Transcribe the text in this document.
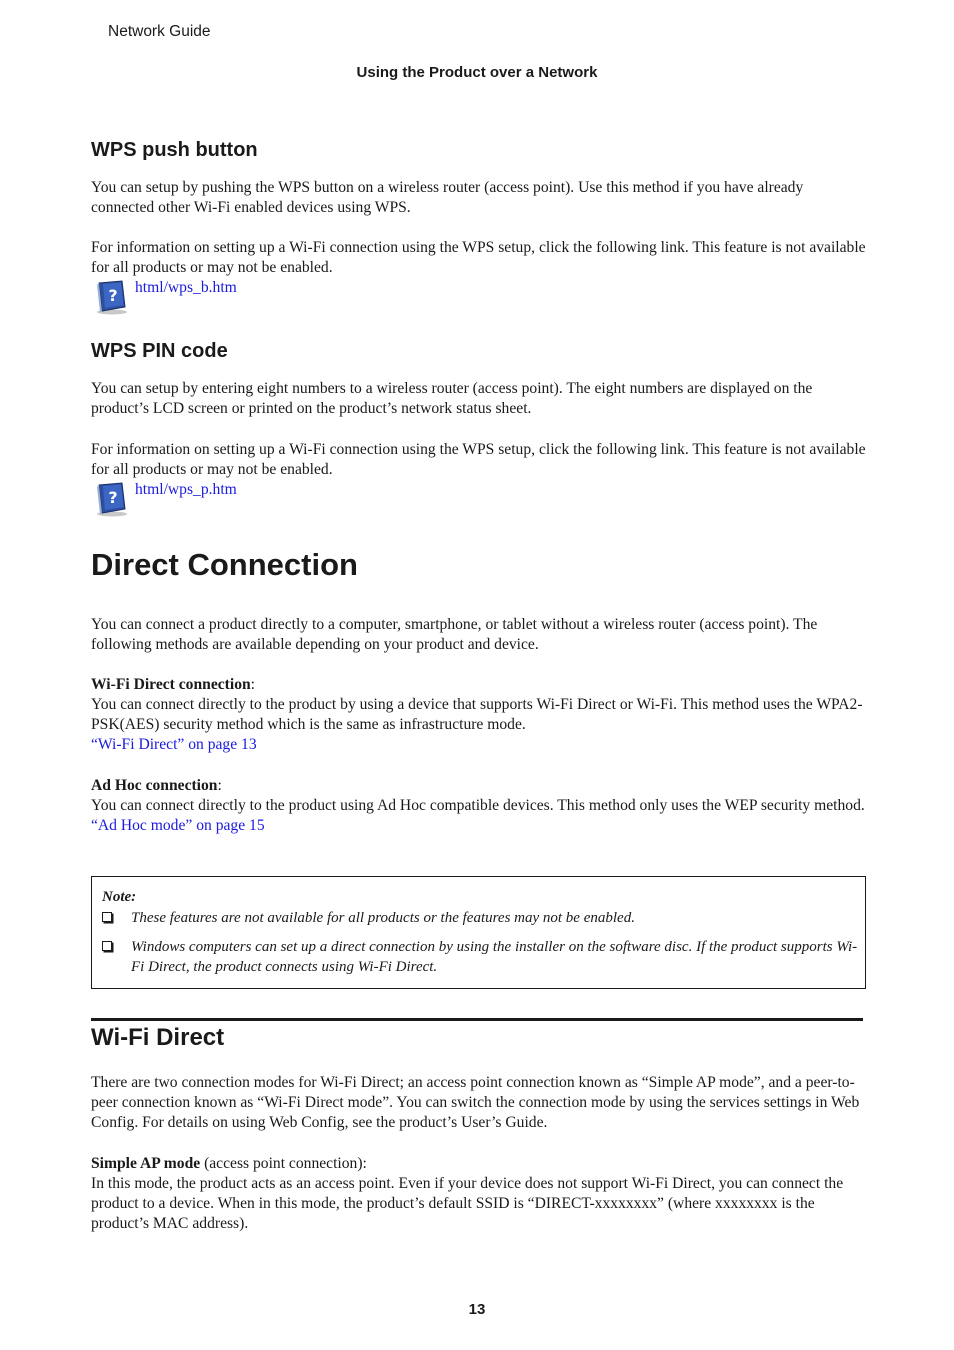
Network Guide
Using the Product over a Network
WPS push button

You can setup by pushing the WPS button on a wireless router (access point). Use this method if you have already connected other Wi-Fi enabled devices using WPS.

For information on setting up a Wi-Fi connection using the WPS setup, click the following link. This feature is not available for all products or may not be enabled.

? html/wps_b.htm
WPS PIN code

You can setup by entering eight numbers to a wireless router (access point). The eight numbers are displayed on the product’s LCD screen or printed on the product’s network status sheet.

For information on setting up a Wi-Fi connection using the WPS setup, click the following link. This feature is not available for all products or may not be enabled.

? html/wps_p.htm
Direct Connection

You can connect a product directly to a computer, smartphone, or tablet without a wireless router (access point). The following methods are available depending on your product and device.

Wi-Fi Direct connection:
You can connect directly to the product by using a device that supports Wi-Fi Direct or Wi-Fi. This method uses the WPA2-PSK(AES) security method which is the same as infrastructure mode.
“Wi-Fi Direct” on page 13
Ad Hoc connection:
You can connect directly to the product using Ad Hoc compatible devices. This method only uses the WEP security method.
“Ad Hoc mode” on page 15
Note:
These features are not available for all products or the features may not be enabled.
Windows computers can set up a direct connection by using the installer on the software disc. If the product supports Wi-Fi Direct, the product connects using Wi-Fi Direct.
Wi-Fi Direct

There are two connection modes for Wi-Fi Direct; an access point connection known as “Simple AP mode”, and a peer-to-peer connection known as “Wi-Fi Direct mode”. You can switch the connection mode by using the services settings in Web Config. For details on using Web Config, see the product’s User’s Guide.

Simple AP mode (access point connection):
In this mode, the product acts as an access point. Even if your device does not support Wi-Fi Direct, you can connect the product to a device. When in this mode, the product’s default SSID is “DIRECT-xxxxxxxx” (where xxxxxxxx is the product’s MAC address).
13
